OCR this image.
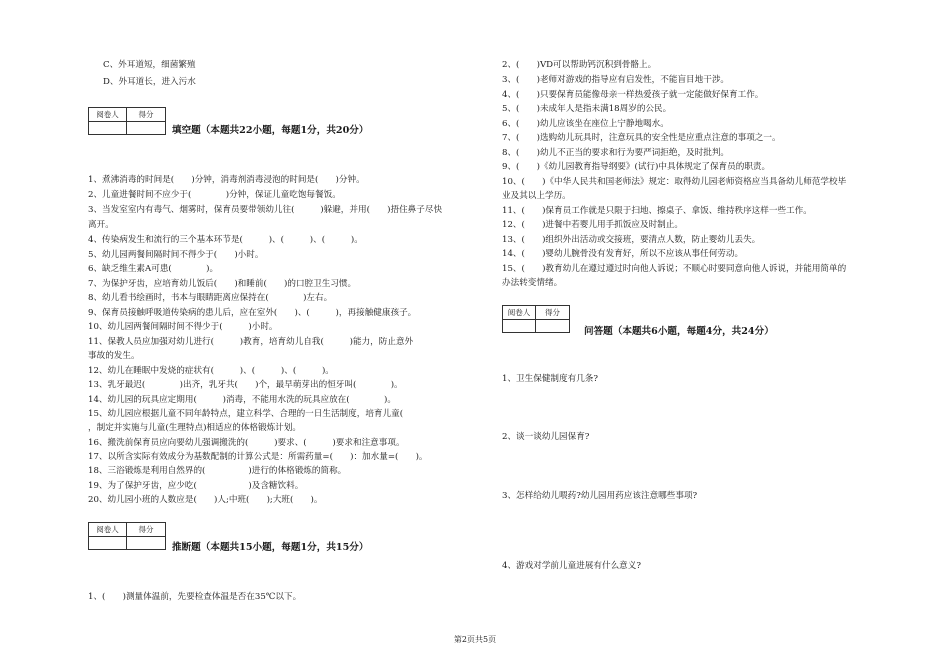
C、外耳道短，细菌繁殖
D、外耳道长，进入污水
阅卷人	得分
填空题（本题共22小题，每题1分，共20分）
1、煮沸消毒的时间是(　　)分钟，消毒剂消毒浸泡的时间是(　　)分钟。
2、儿童进餐时间不应少于(　　　　)分钟，保证儿童吃饱每餐饭。
3、当发室室内有毒气、烟雾时，保育员要带领幼儿往(　　　)躲避，并用(　　)捂住鼻子尽快
离开。
4、传染病发生和流行的三个基本环节是(　　　)、(　　　)、(　　　)。
5、幼儿园两餐间隔时间不得少于(　　)小时。
6、缺乏维生素A可患(　　　　)。
7、为保护牙齿，应培育幼儿饭后(　　)和睡前(　　)的口腔卫生习惯。
8、幼儿看书绘画时，书本与眼睛距离应保持在(　　　　)左右。
9、保育员接触呼吸道传染病的患儿后，应在室外(　　)、(　　　)，再接触健康孩子。
10、幼儿园两餐间隔时间不得少于(　　　)小时。
11、保教人员应加强对幼儿进行(　　　)教育，培育幼儿自我(　　　)能力，防止意外
事故的发生。
12、幼儿在睡眠中发烧的症状有(　　　)、(　　　)、(　　　)。
13、乳牙最迟(　　　　)出齐，乳牙共(　　)个，最早萌芽出的恒牙叫(　　　　)。
14、幼儿园的玩具应定期用(　　　)消毒，不能用水洗的玩具应放在(　　　　)。
15、幼儿园应根据儿童不同年龄特点，建立科学、合理的一日生活制度，培育儿童(　　　
，制定并实施与儿童(生理特点)相适应的体格锻炼计划。
16、搬洗前保育员应向要幼儿强调搬洗的(　　　)要求、(　　　)要求和注意事项。
17、以所含实际有效成分为基数配制的计算公式是：所需药量=(　　)：加水量=(　　)。
18、三浴锻炼是利用自然界的(　　　　　)进行的体格锻炼的简称。
19、为了保护牙齿，应少吃(　　　　　　)及含糖饮料。
20、幼儿园小班的人数应是(　　)人;中班(　　);大班(　　)。
阅卷人	得分
推断题（本题共15小题，每题1分，共15分）
1、(　　)测量体温前，先要检查体温是否在35℃以下。
2、(　　)VD可以帮助钙沉积到骨骼上。
3、(　　)老师对游戏的指导应有启发性，不能盲目地干涉。
4、(　　)只要保育员能像母亲一样热爱孩子就一定能做好保育工作。
5、(　　)未成年人是指未满18周岁的公民。
6、(　　)幼儿应该坐在座位上宁静地喝水。
7、(　　)选购幼儿玩具时，注意玩具的安全性是应重点注意的事项之一。
8、(　　)幼儿不正当的要求和行为要严词拒绝，及时批判。
9、(　　)《幼儿园教育指导纲要》(试行)中具体规定了保育员的职责。
10、(　　)《中华人民共和国老师法》规定：取得幼儿园老师资格应当具备幼儿师范学校毕
业及其以上学历。
11、(　　)保育员工作就是只限于扫地、擦桌子、拿饭、维持秩序这样一些工作。
12、(　　)进餐中若婴儿用手抓饭应及时制止。
13、(　　)组织外出活动或交接班，要清点人数，防止婴幼儿丢失。
14、(　　)婴幼儿腕骨没有发育好，所以不应该从事任何劳动。
15、(　　)教育幼儿在遵过遵过时向他人诉说；不顺心时要同意向他人诉说，并能用简单的
办法转变情绪。
阅卷人	得分
问答题（本题共6小题，每题4分，共24分）
1、卫生保健制度有几条?
2、谈一谈幼儿园保育?
3、怎样给幼儿喂药?幼儿园用药应该注意哪些事项?
4、游戏对学前儿童进展有什么意义?
第2页共5页
